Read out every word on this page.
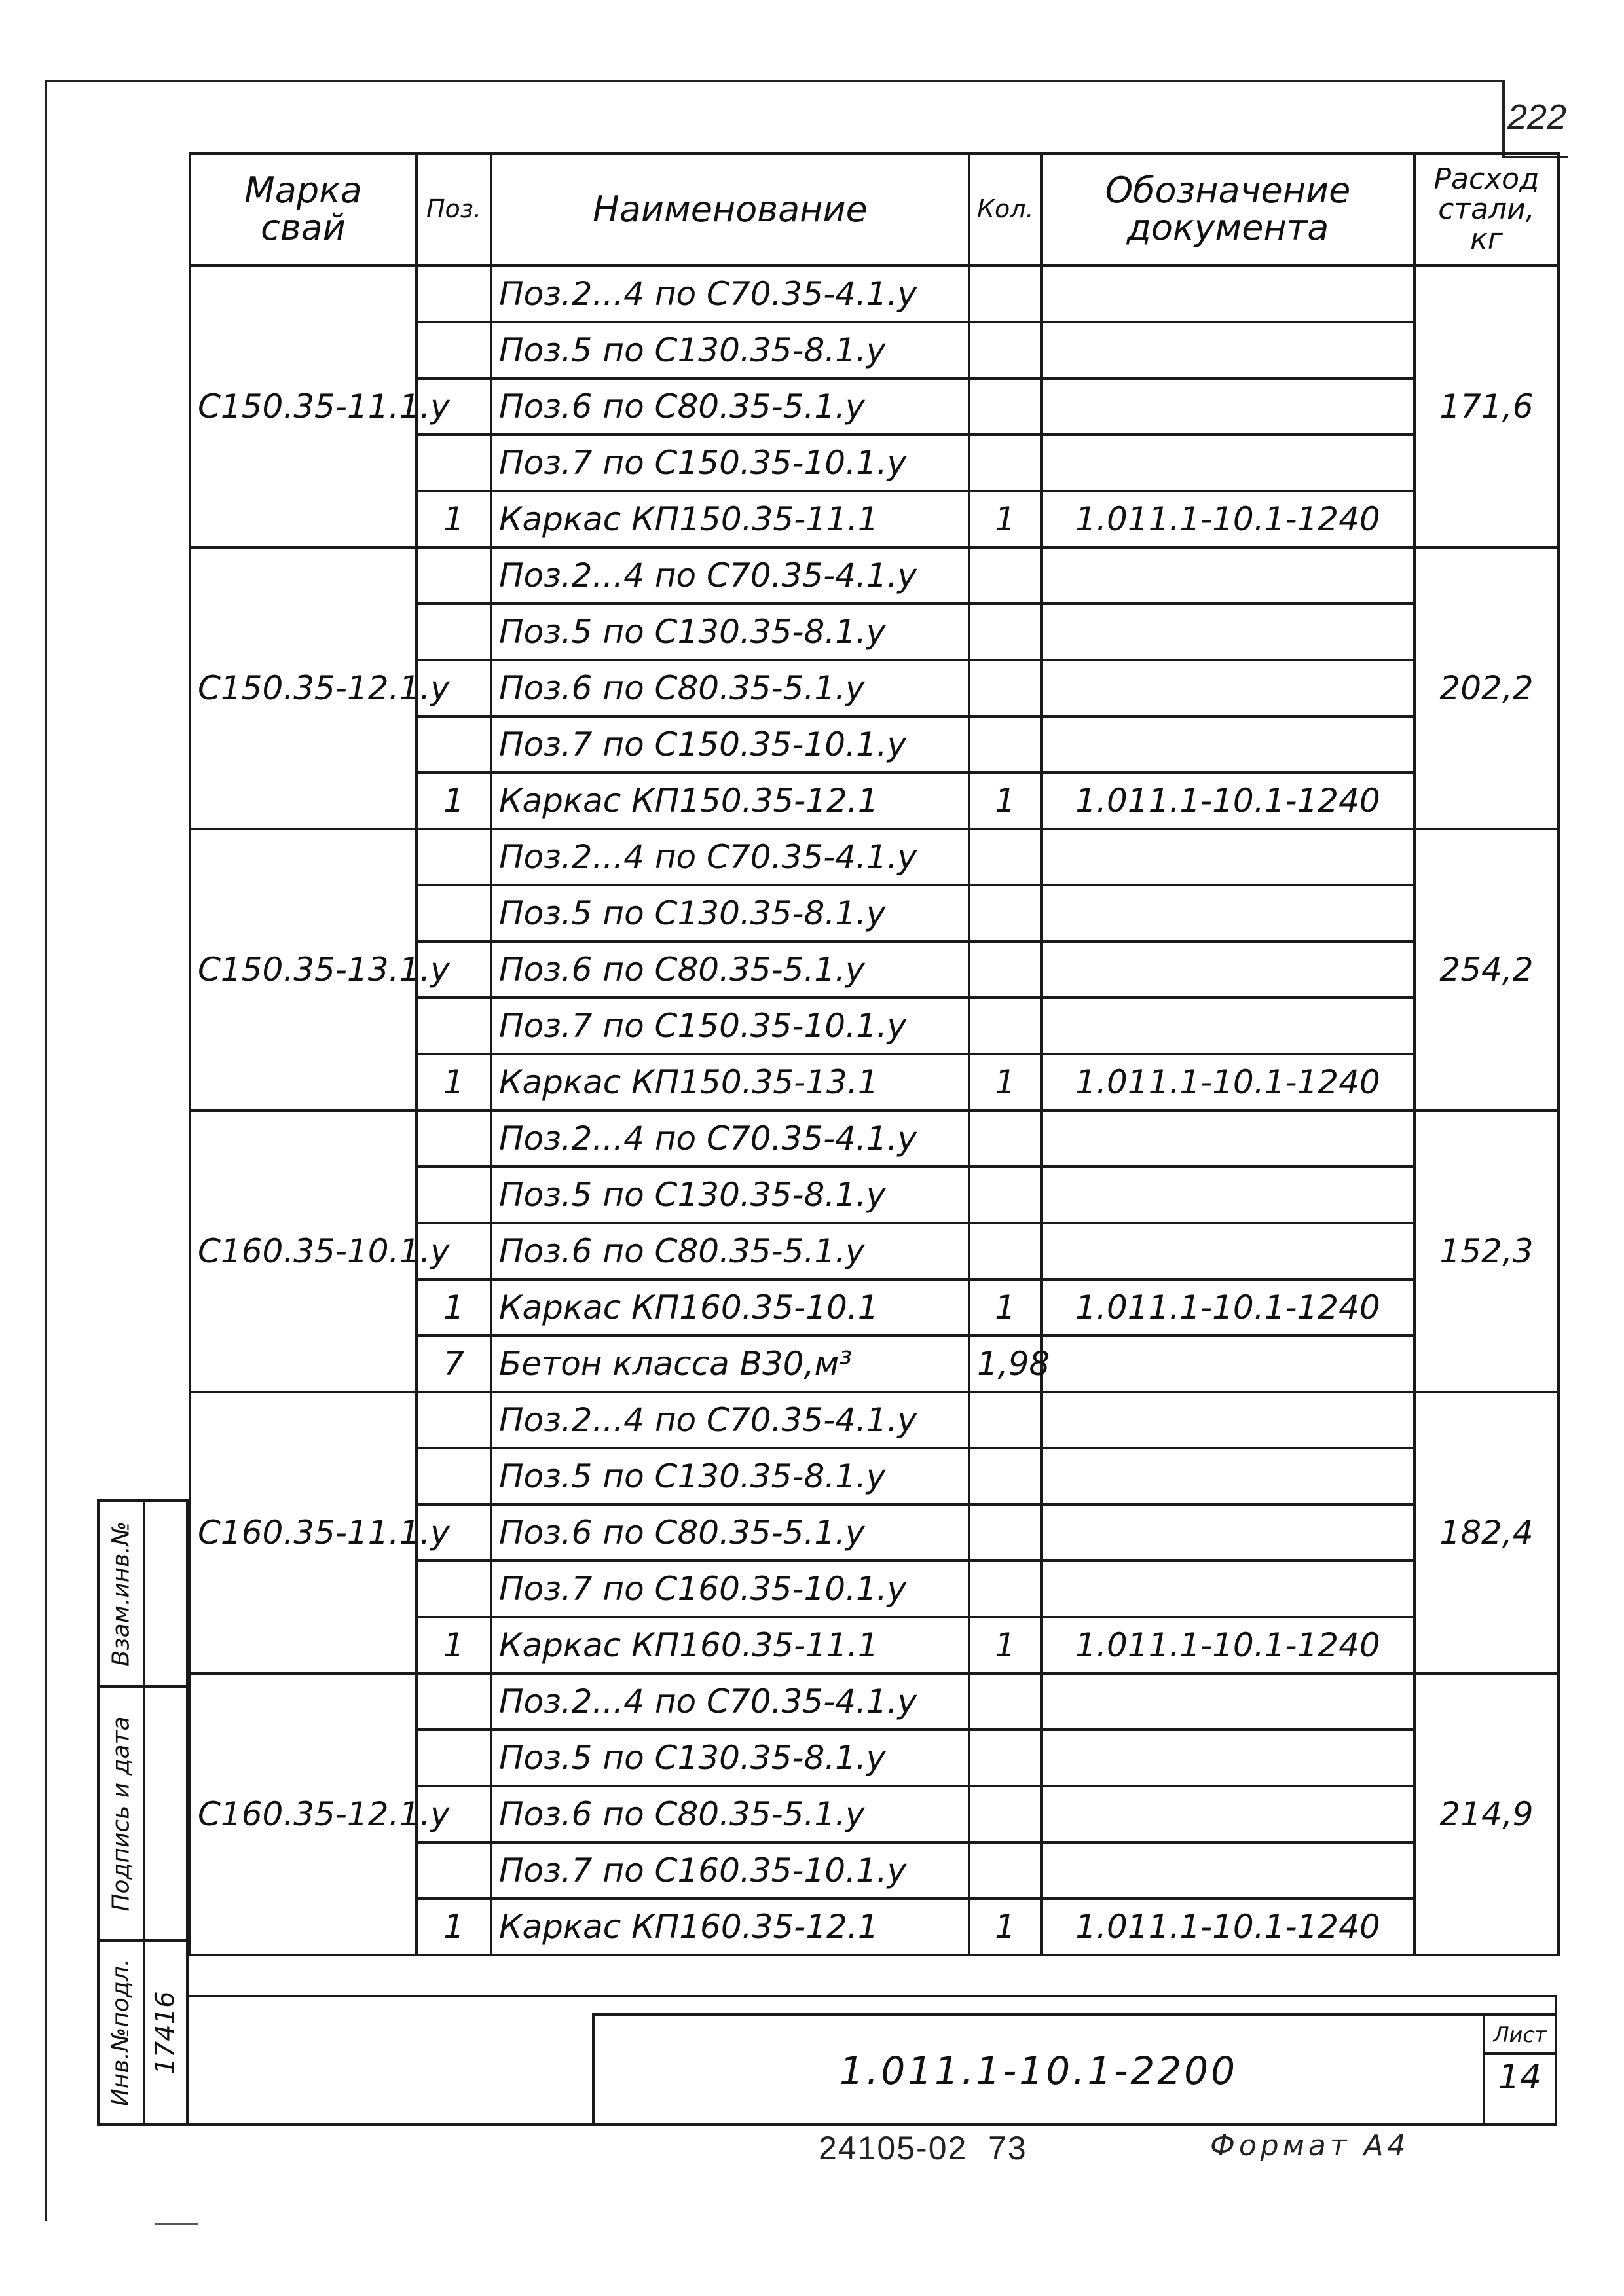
222
Марка свай	Поз.	Наименование	Кол.	Обозначение документа	Расход стали, кг
С150.35-11.1.у		Поз.2...4 по С70.35-4.1.у			171,6
		Поз.5 по С130.35-8.1.у			
		Поз.6 по С80.35-5.1.у			
		Поз.7 по С150.35-10.1.у			
	1	Каркас КП150.35-11.1	1	1.011.1-10.1-1240	
С150.35-12.1.у		Поз.2...4 по С70.35-4.1.у			202,2
		Поз.5 по С130.35-8.1.у			
		Поз.6 по С80.35-5.1.у			
		Поз.7 по С150.35-10.1.у			
	1	Каркас КП150.35-12.1	1	1.011.1-10.1-1240	
С150.35-13.1.у		Поз.2...4 по С70.35-4.1.у			254,2
		Поз.5 по С130.35-8.1.у			
		Поз.6 по С80.35-5.1.у			
		Поз.7 по С150.35-10.1.у			
	1	Каркас КП150.35-13.1	1	1.011.1-10.1-1240	
С160.35-10.1.у		Поз.2...4 по С70.35-4.1.у			152,3
		Поз.5 по С130.35-8.1.у			
		Поз.6 по С80.35-5.1.у			
	1	Каркас КП160.35-10.1	1	1.011.1-10.1-1240	
	7	Бетон класса В30,м³	1,98		
С160.35-11.1.у		Поз.2...4 по С70.35-4.1.у			182,4
		Поз.5 по С130.35-8.1.у			
		Поз.6 по С80.35-5.1.у			
		Поз.7 по С160.35-10.1.у			
	1	Каркас КП160.35-11.1	1	1.011.1-10.1-1240	
С160.35-12.1.у		Поз.2...4 по С70.35-4.1.у			214,9
		Поз.5 по С130.35-8.1.у			
		Поз.6 по С80.35-5.1.у			
		Поз.7 по С160.35-10.1.у			
	1	Каркас КП160.35-12.1	1	1.011.1-10.1-1240	
Взам.инв.№
Подпись и дата
Инв.№подл. 17416	1.011.1-10.1-2200
Лист
14
24105-02  73	Формат А4
